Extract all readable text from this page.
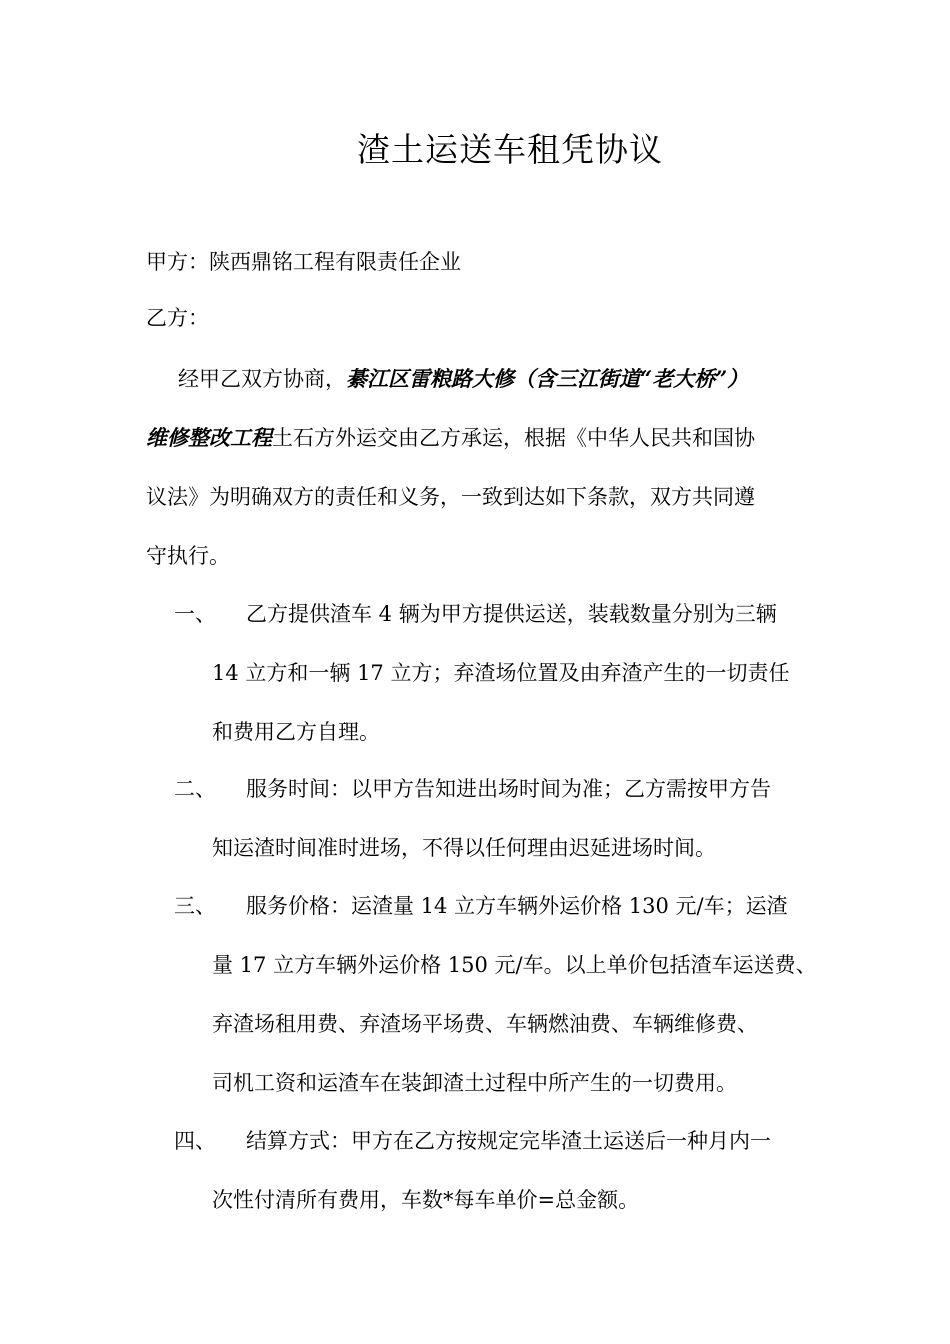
渣土运送车租凭协议
甲方：陕西鼎铭工程有限责任企业
乙方：
经甲乙双方协商，綦江区雷粮路大修（含三江街道“老大桥”）
维修整改工程土石方外运交由乙方承运，根据《中华人民共和国协
议法》为明确双方的责任和义务，一致到达如下条款，双方共同遵
守执行。
一、 乙方提供渣车 4 辆为甲方提供运送，装载数量分别为三辆
14 立方和一辆 17 立方；弃渣场位置及由弃渣产生的一切责任
和费用乙方自理。
二、 服务时间：以甲方告知进出场时间为准；乙方需按甲方告
知运渣时间准时进场，不得以任何理由迟延进场时间。
三、 服务价格：运渣量 14 立方车辆外运价格 130 元/车；运渣
量 17 立方车辆外运价格 150 元/车。以上单价包括渣车运送费、
弃渣场租用费、弃渣场平场费、车辆燃油费、车辆维修费、
司机工资和运渣车在装卸渣土过程中所产生的一切费用。
四、 结算方式：甲方在乙方按规定完毕渣土运送后一种月内一
次性付清所有费用，车数*每车单价=总金额。
